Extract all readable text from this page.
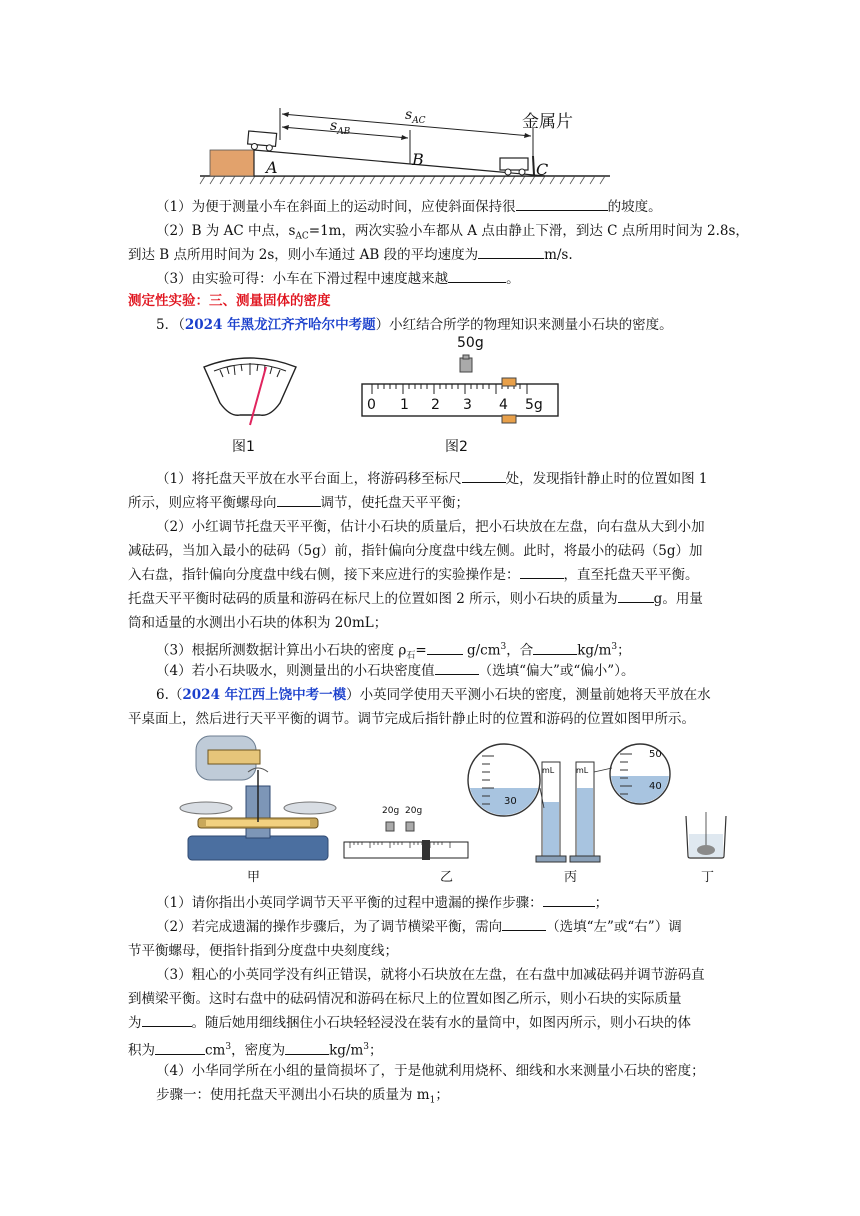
$s_{AC}$
$s_{AB}$	金属片
A	B
C

（1）为便于测量小车在斜面上的运动时间，应使斜面保持很	的坡度。

（2）B 为 AC 中点，$s_{AC}=1m$，两次实验小车都从 A 点由静止下滑，到达 C 点所用时间为 2.8s，

到达 B 点所用时间为 2s，则小车通过 AB 段的平均速度为	m/s.

（3）由实验可得：小车在下滑过程中速度越来越	。

测定性实验：三、测量固体的密度

5．（2024 年黑龙江齐齐哈尔中考题）小红结合所学的物理知识来测量小石块的密度。

图1
50g
0 1 2 3 4 5g
图2

（1）将托盘天平放在水平台面上，将游码移至标尺	处，发现指针静止时的位置如图 1

所示，则应将平衡螺母向	调节，使托盘天平平衡；

（2）小红调节托盘天平平衡，估计小石块的质量后，把小石块放在左盘，向右盘从大到小加

减砝码，当加入最小的砝码（5g）前，指针偏向分度盘中线左侧。此时，将最小的砝码（5g）加

入右盘，指针偏向分度盘中线右侧，接下来应进行的实验操作是：	，直至托盘天平平衡。

托盘天平平衡时砝码的质量和游码在标尺上的位置如图 2 所示，则小石块的质量为	g。用量

筒和适量的水测出小石块的体积为 20mL；

（3）根据所测数据计算出小石块的密度 $\rho_石=$	$g/cm^3$，合	$kg/m^3$；

（4）若小石块吸水，则测量出的小石块密度值	（选填“偏大”或“偏小”）。

6.（2024 年江西上饶中考一模）小英同学使用天平测小石块的密度，测量前她将天平放在水

平桌面上，然后进行天平平衡的调节。调节完成后指针静止时的位置和游码的位置如图甲所示。

甲
20g 20g
乙
30
mL	mL
50
40
丙	丁

（1）请你指出小英同学调节天平平衡的过程中遗漏的操作步骤：	；

（2）若完成遗漏的操作步骤后，为了调节横梁平衡，需向	（选填“左”或“右”）调

节平衡螺母，便指针指到分度盘中央刻度线；

（3）粗心的小英同学没有纠正错误，就将小石块放在左盘，在右盘中加减砝码并调节游码直

到横梁平衡。这时右盘中的砝码情况和游码在标尺上的位置如图乙所示，则小石块的实际质量

为	。随后她用细线捆住小石块轻轻浸没在装有水的量筒中，如图丙所示，则小石块的体

积为	$cm^3$，密度为	$kg/m^3$；

（4）小华同学所在小组的量筒损坏了，于是他就利用烧杯、细线和水来测量小石块的密度；

步骤一：使用托盘天平测出小石块的质量为 $m_1$；
